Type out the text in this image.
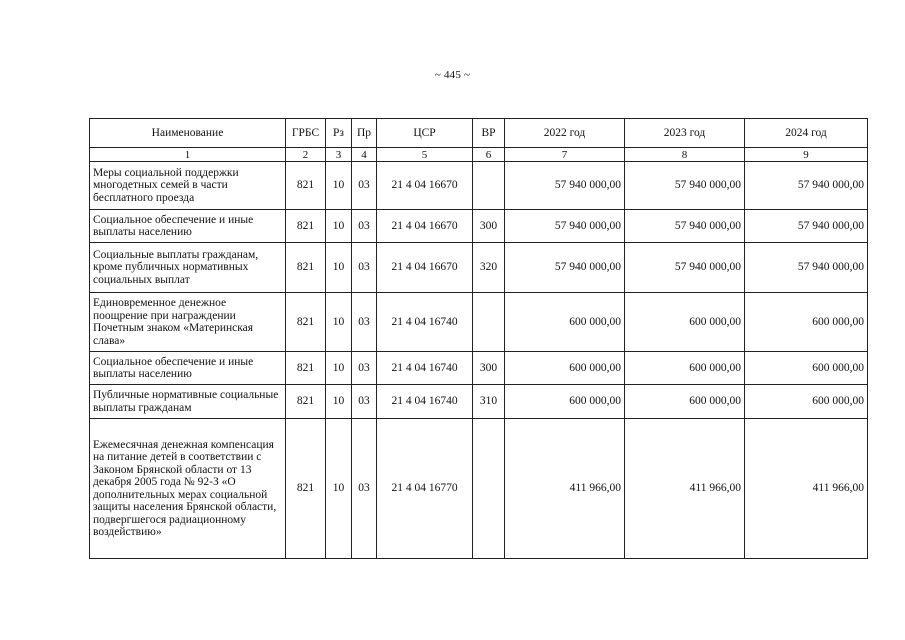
~ 445 ~
Наименование	ГРБС	Рз	Пр	ЦСР	ВР	2022 год	2023 год	2024 год
1	2	3	4	5	6	7	8	9
Меры социальной поддержки многодетных семей в части бесплатного проезда	821	10	03	21 4 04 16670		57 940 000,00	57 940 000,00	57 940 000,00
Социальное обеспечение и иные выплаты населению	821	10	03	21 4 04 16670	300	57 940 000,00	57 940 000,00	57 940 000,00
Социальные выплаты гражданам, кроме публичных нормативных социальных выплат	821	10	03	21 4 04 16670	320	57 940 000,00	57 940 000,00	57 940 000,00
Единовременное денежное поощрение при награждении Почетным знаком «Материнская слава»	821	10	03	21 4 04 16740		600 000,00	600 000,00	600 000,00
Социальное обеспечение и иные выплаты населению	821	10	03	21 4 04 16740	300	600 000,00	600 000,00	600 000,00
Публичные нормативные социальные выплаты гражданам	821	10	03	21 4 04 16740	310	600 000,00	600 000,00	600 000,00
Ежемесячная денежная компенсация на питание детей в соответствии с Законом Брянской области от 13 декабря 2005 года № 92-З «О дополнительных мерах социальной защиты населения Брянской области, подвергшегося радиационному воздействию»	821	10	03	21 4 04 16770		411 966,00	411 966,00	411 966,00
